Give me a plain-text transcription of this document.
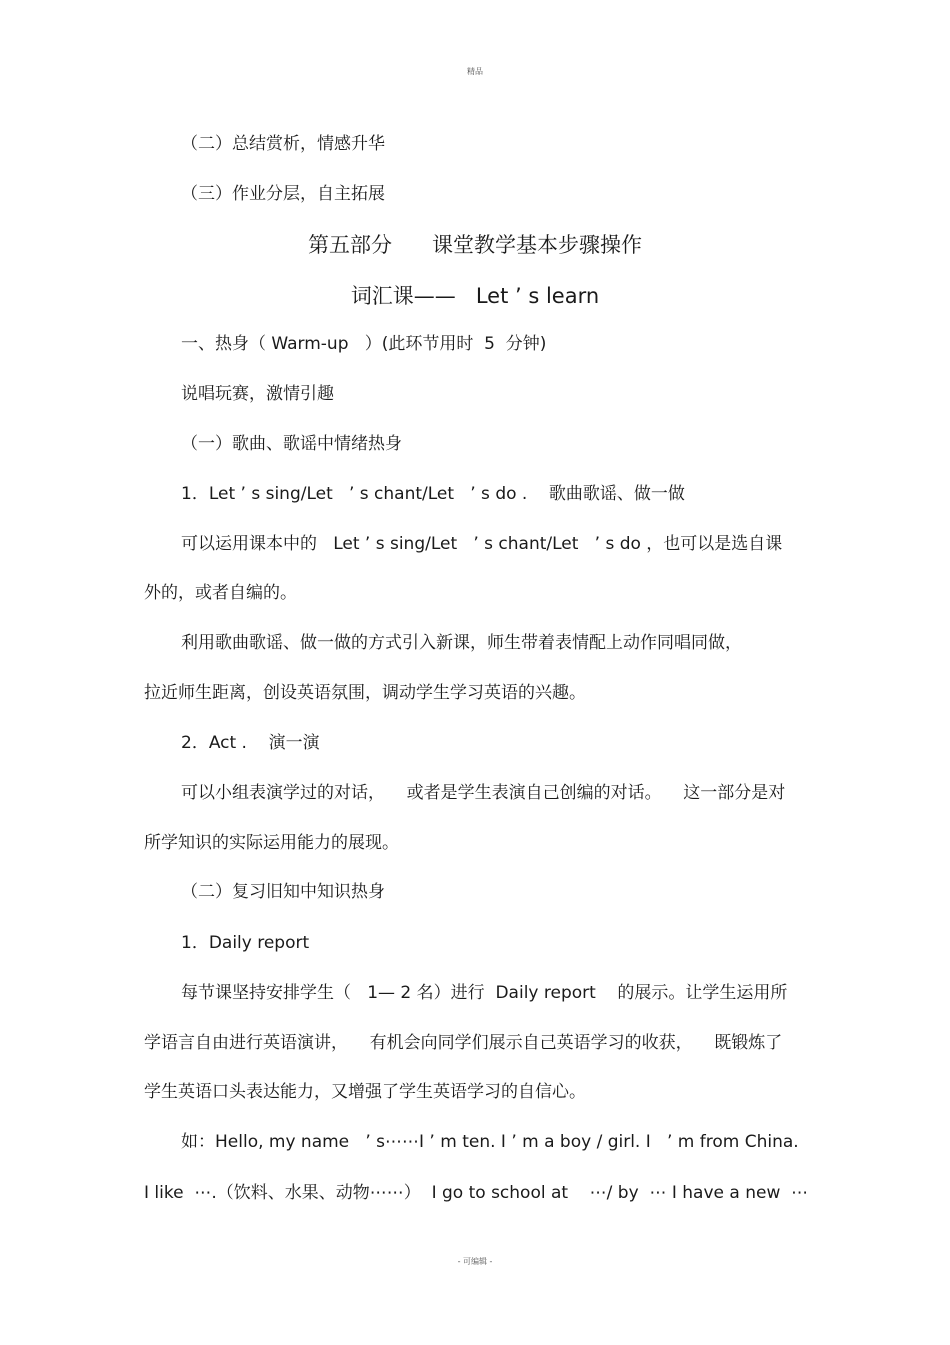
精品
（二）总结赏析，情感升华
（三）作业分层，自主拓展
第五部分      课堂教学基本步骤操作
词汇课——   Let ’ s learn
一、热身（ Warm-up   ）(此环节用时  5  分钟)
说唱玩赛，激情引趣
（一）歌曲、歌谣中情绪热身
1．Let ’ s sing/Let   ’ s chant/Let   ’ s do .    歌曲歌谣、做一做
可以运用课本中的   Let ’ s sing/Let   ’ s chant/Let   ’ s do ，也可以是选自课
外的，或者自编的。
利用歌曲歌谣、做一做的方式引入新课，师生带着表情配上动作同唱同做，
拉近师生距离，创设英语氛围，调动学生学习英语的兴趣。
2．Act .    演一演
可以小组表演学过的对话，    或者是学生表演自己创编的对话。    这一部分是对
所学知识的实际运用能力的展现。
（二）复习旧知中知识热身
1．Daily report
每节课坚持安排学生（   1— 2 名）进行  Daily report    的展示。让学生运用所
学语言自由进行英语演讲，    有机会向同学们展示自己英语学习的收获，    既锻炼了
学生英语口头表达能力，又增强了学生英语学习的自信心。
如：Hello, my name   ’ s⋯⋯I ’ m ten. I ’ m a boy / girl. I   ’ m from China.
I like  ⋯.（饮料、水果、动物⋯⋯）  I go to school at    ⋯/ by  ⋯ I have a new  ⋯
- 可编辑 -
